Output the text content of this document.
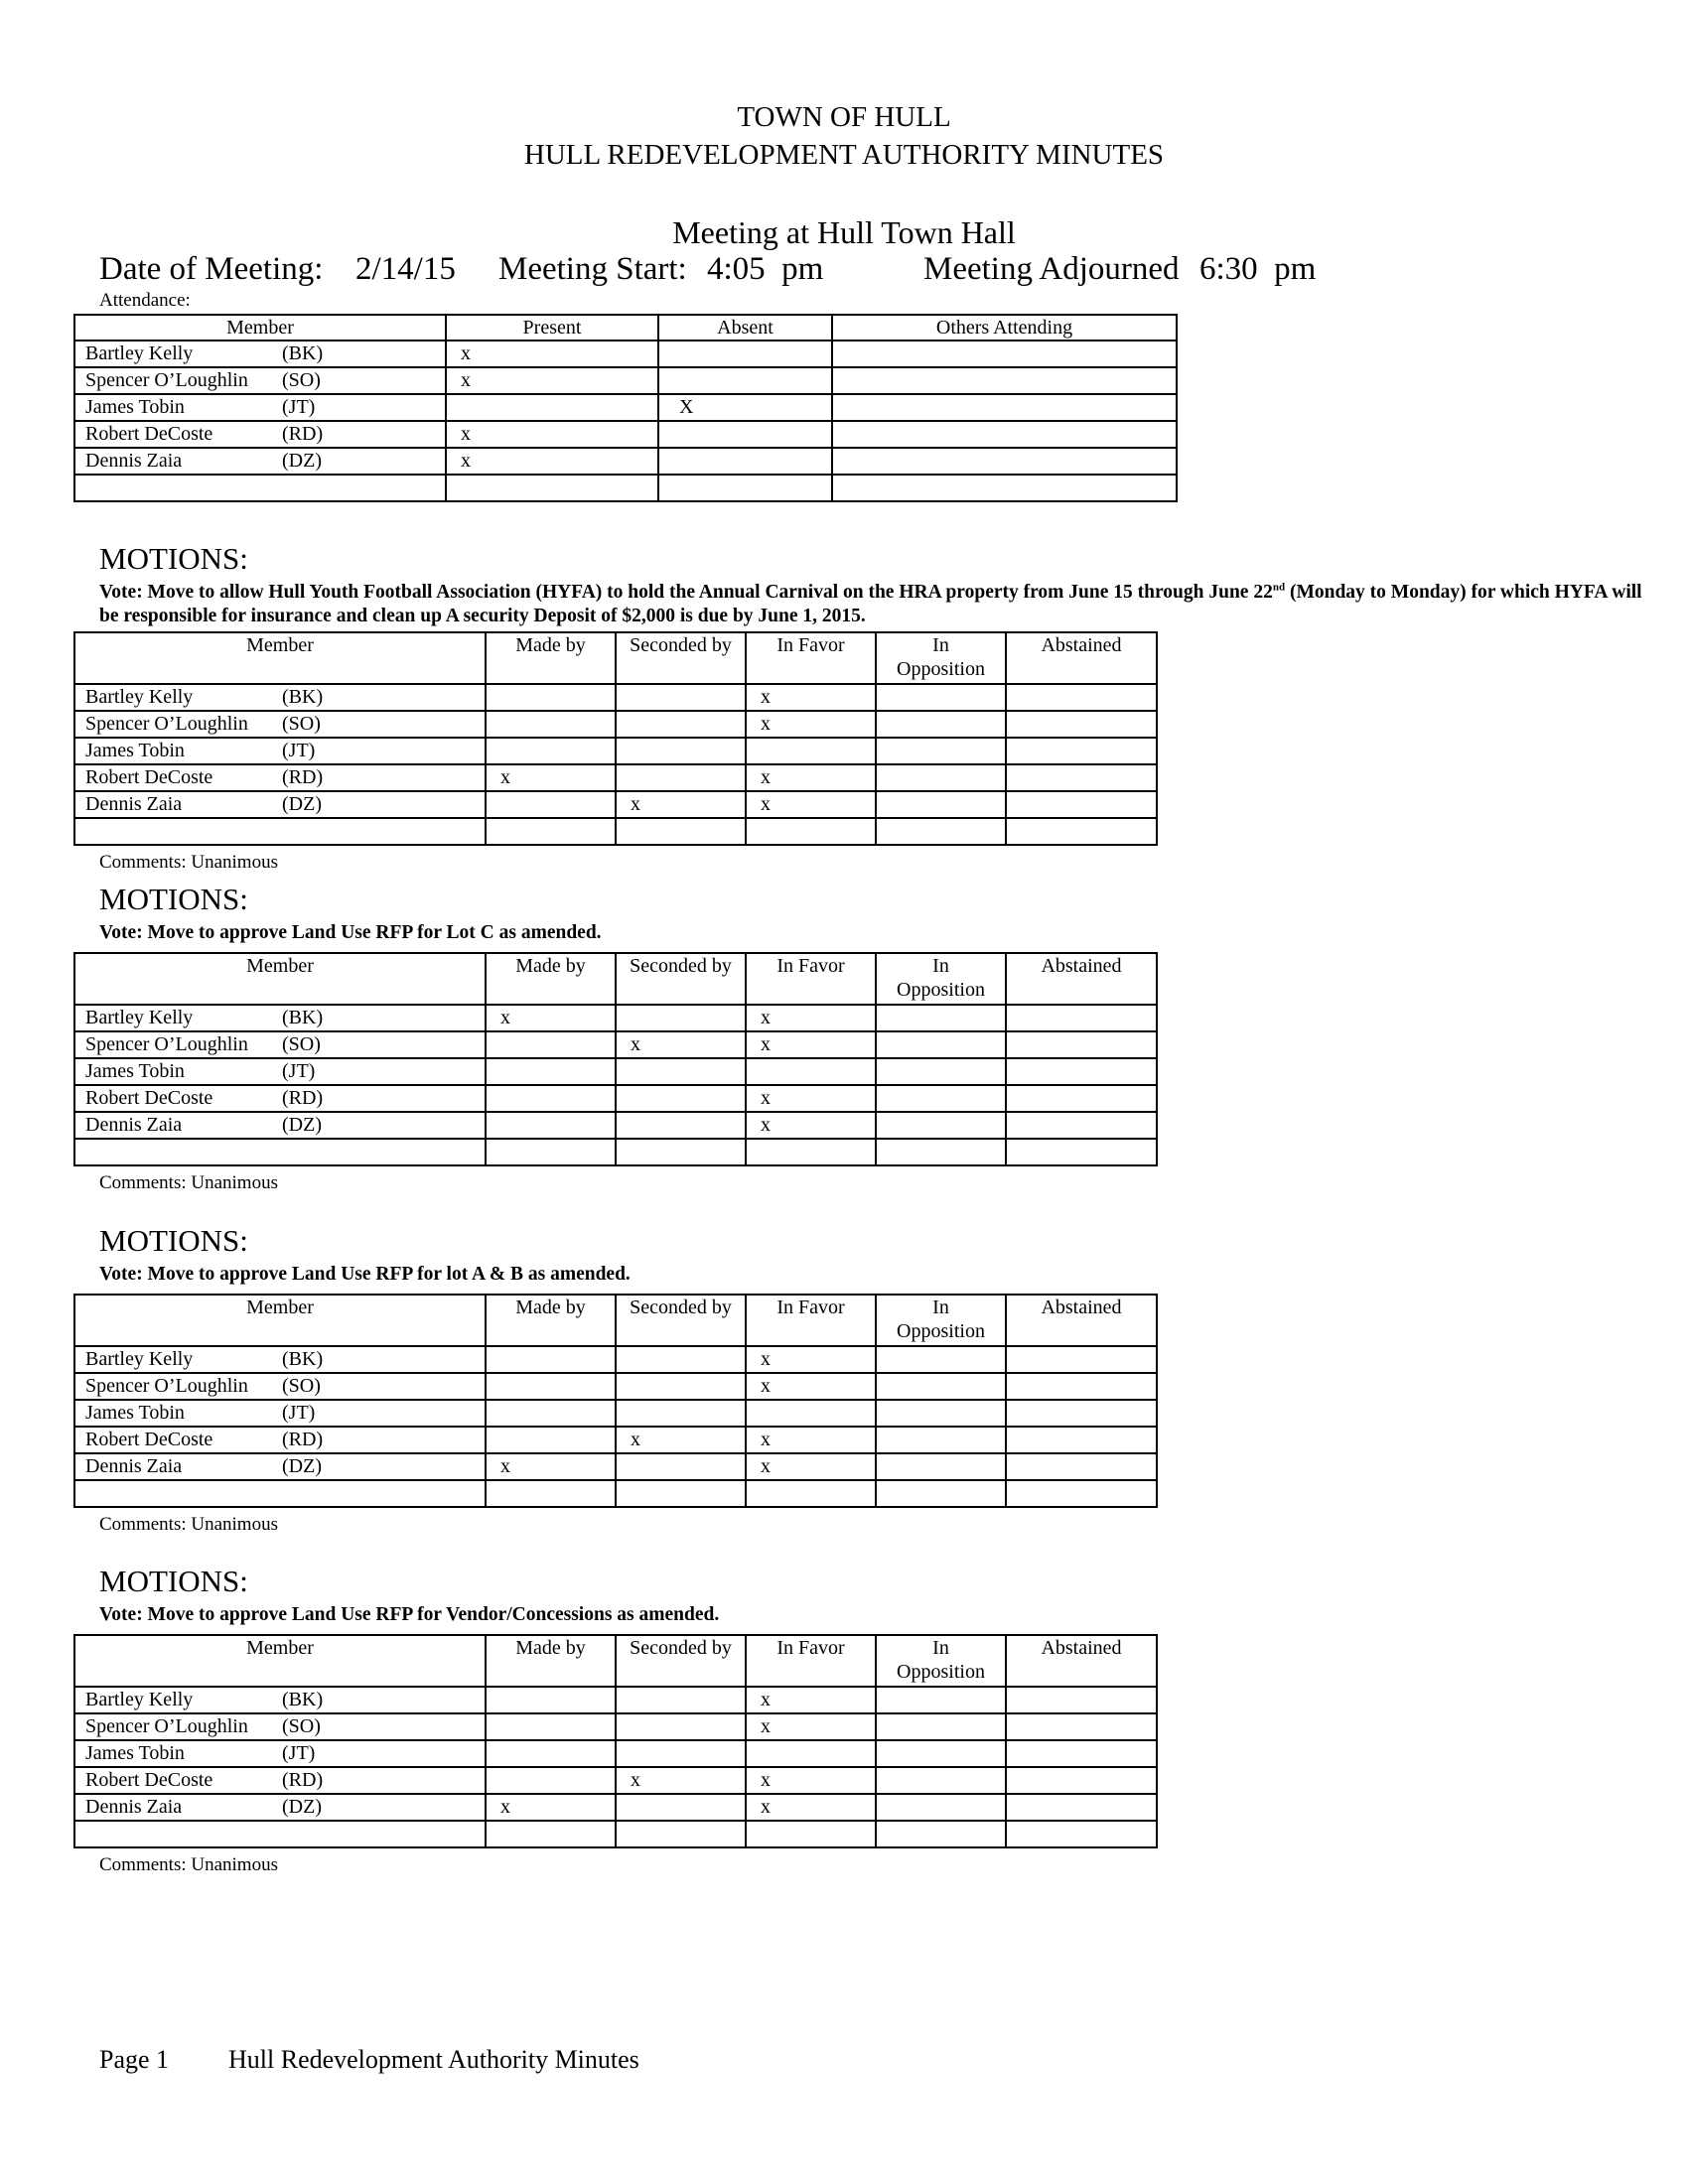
TOWN OF HULL
HULL REDEVELOPMENT AUTHORITY MINUTES
Meeting at Hull Town Hall
Date of Meeting: 2/14/15 Meeting Start: 4:05  pm	Meeting Adjourned 6:30  pm
Attendance:
Member	Present	Absent	Others Attending
Bartley Kelly (BK)	x		
Spencer O’Loughlin (SO)	x		
James Tobin (JT)		X	
Robert DeCoste (RD)	x		
Dennis Zaia (DZ)	x		

MOTIONS:
Vote: Move to allow Hull Youth Football Association (HYFA) to hold the Annual Carnival on the HRA property from June 15 through June 22nd (Monday to Monday) for which HYFA will be responsible for insurance and clean up A security Deposit of $2,000 is due by June 1, 2015.
Member	Made by	Seconded by	In Favor	In Opposition	Abstained
Bartley Kelly (BK)			x		
Spencer O’Loughlin (SO)			x		
James Tobin (JT)					
Robert DeCoste (RD)	x		x		
Dennis Zaia (DZ)		x	x		

Comments: Unanimous
MOTIONS:
Vote: Move to approve Land Use RFP for Lot C as amended.
Member	Made by	Seconded by	In Favor	In Opposition	Abstained
Bartley Kelly (BK)	x		x		
Spencer O’Loughlin (SO)		x	x		
James Tobin (JT)					
Robert DeCoste (RD)			x		
Dennis Zaia (DZ)			x		

Comments: Unanimous
MOTIONS:
Vote: Move to approve Land Use RFP for lot A & B as amended.
Member	Made by	Seconded by	In Favor	In Opposition	Abstained
Bartley Kelly (BK)			x		
Spencer O’Loughlin (SO)			x		
James Tobin (JT)					
Robert DeCoste (RD)		x	x		
Dennis Zaia (DZ)	x		x		

Comments: Unanimous
MOTIONS:
Vote: Move to approve Land Use RFP for Vendor/Concessions as amended.
Member	Made by	Seconded by	In Favor	In Opposition	Abstained
Bartley Kelly (BK)			x		
Spencer O’Loughlin (SO)			x		
James Tobin (JT)					
Robert DeCoste (RD)		x	x		
Dennis Zaia (DZ)	x		x		

Comments: Unanimous
Page 1 Hull Redevelopment Authority Minutes
